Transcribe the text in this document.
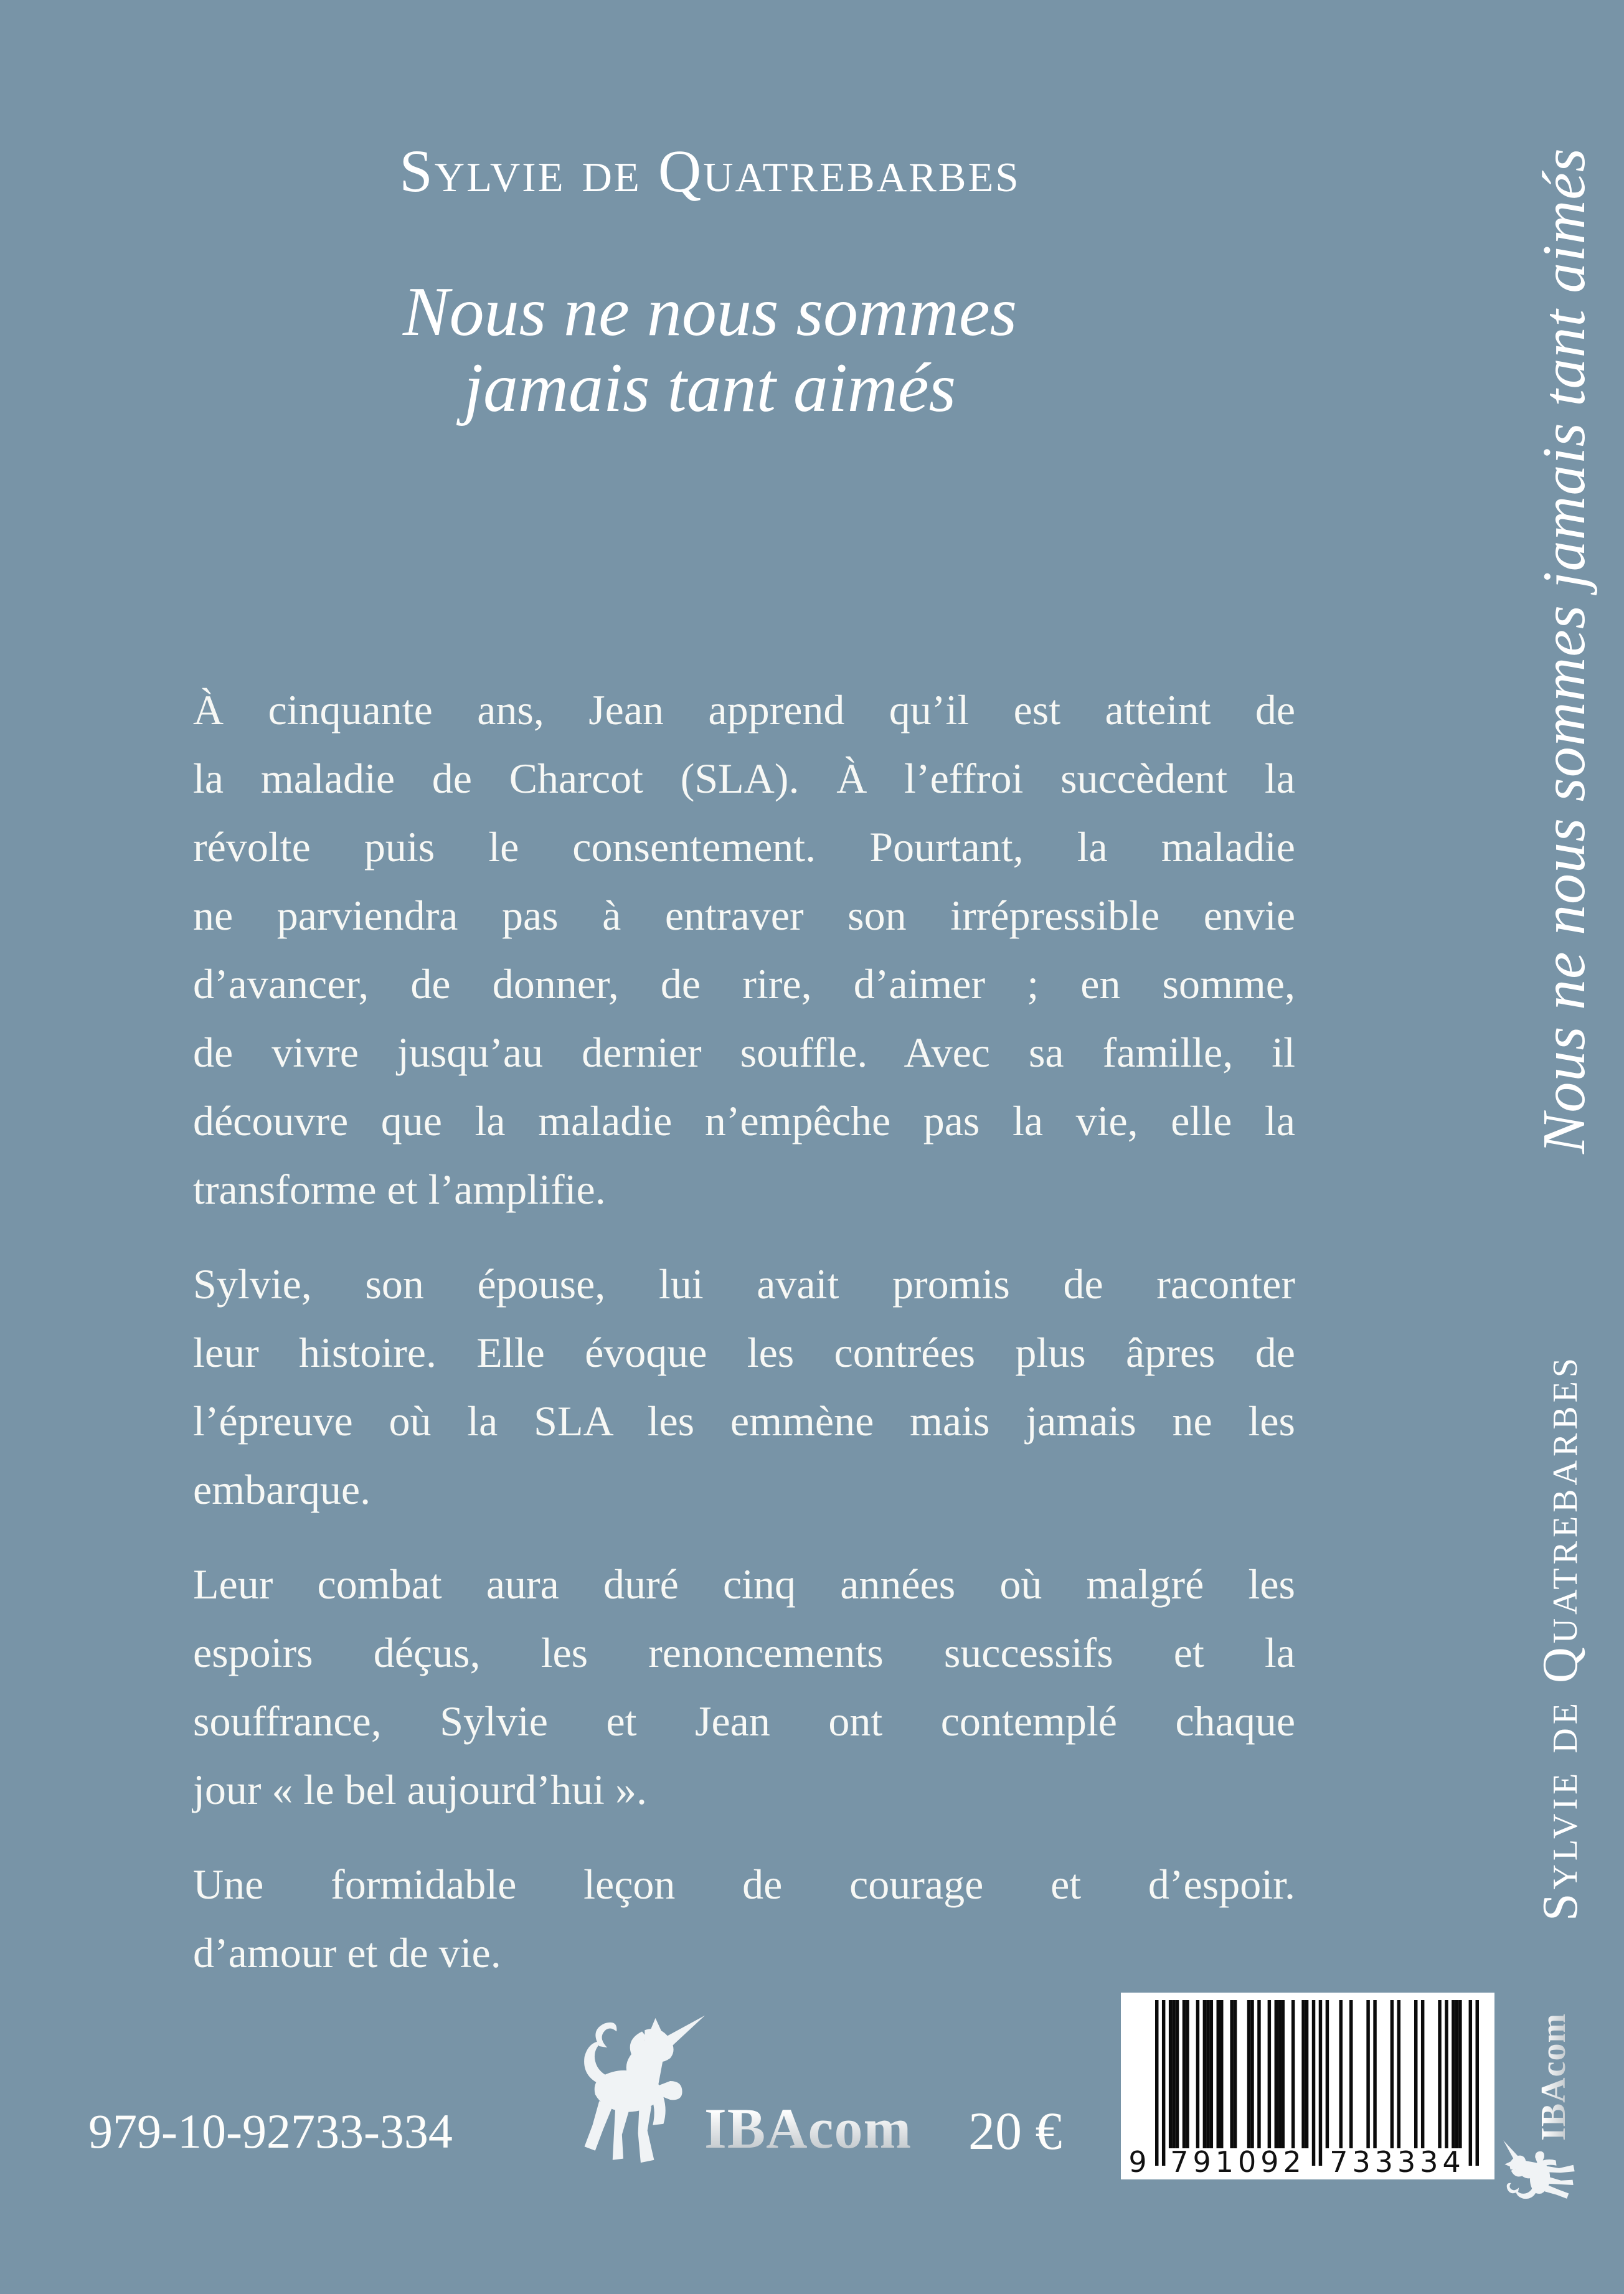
Sylvie de Quatrebarbes
Nous ne nous sommes
jamais tant aimés
À cinquante ans, Jean apprend qu’il est atteint de
la maladie de Charcot (SLA). À l’effroi succèdent la
révolte puis le consentement. Pourtant, la maladie
ne parviendra pas à entraver son irrépressible envie
d’avancer, de donner, de rire, d’aimer ; en somme,
de vivre jusqu’au dernier souffle. Avec sa famille, il
découvre que la maladie n’empêche pas la vie, elle la
transforme et l’amplifie.
Sylvie, son épouse, lui avait promis de raconter
leur histoire. Elle évoque les contrées plus âpres de
l’épreuve où la SLA les emmène mais jamais ne les
embarque.
Leur combat aura duré cinq années où malgré les
espoirs déçus, les renoncements successifs et la
souffrance, Sylvie et Jean ont contemplé chaque
jour « le bel aujourd’hui ».
Une formidable leçon de courage et d’espoir.
d’amour et de vie.
979-10-92733-334	IBAcom 20 €
9 791092 733334
Nous ne nous sommes jamais tant aimés
Sylvie de Quatrebarbes
IBAcom
